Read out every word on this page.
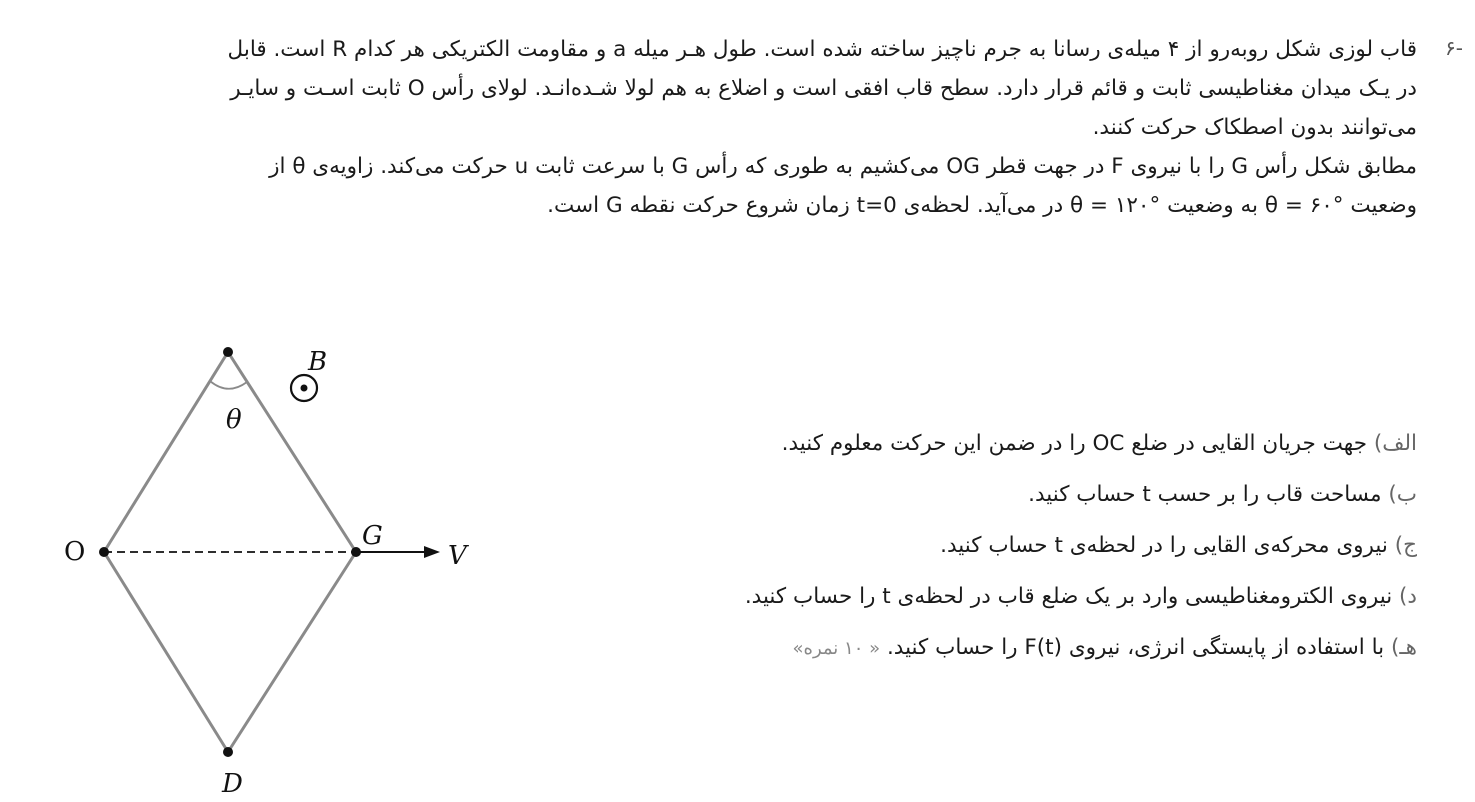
-۶

قاب لوزی شکل روبه‌رو از ۴ میله‌ی رسانا به جرم ناچیز ساخته شده است. طول هـر میله a و مقاومت الکتریکی هر کدام R است. قابل

در یـک میدان مغناطیسی ثابت و قائم قرار دارد. سطح قاب افقی است و اضلاع به هم لولا شـده‌انـد. لولای رأس O ثابت اسـت و سایـر

می‌توانند بدون اصطکاک حرکت کنند.

مطابق شکل رأس G را با نیروی F در جهت قطر OG می‌کشیم به طوری که رأس G با سرعت ثابت u حرکت می‌کند. زاویه‌ی θ از

وضعیت θ = ۶۰° به وضعیت θ = ۱۲۰° در می‌آید. لحظه‌ی t=0 زمان شروع حرکت نقطه G است.

θ
B
O
G
V
D
الف) جهت جریان القایی در ضلع OC را در ضمن این حرکت معلوم کنید.
ب) مساحت قاب را بر حسب t حساب کنید.
ج) نیروی محرکه‌ی القایی را در لحظه‌ی t حساب کنید.
د) نیروی الکترومغناطیسی وارد بر یک ضلع قاب در لحظه‌ی t را حساب کنید.
هـ) با استفاده از پایستگی انرژی، نیروی F(t) را حساب کنید. « ۱۰ نمره»
